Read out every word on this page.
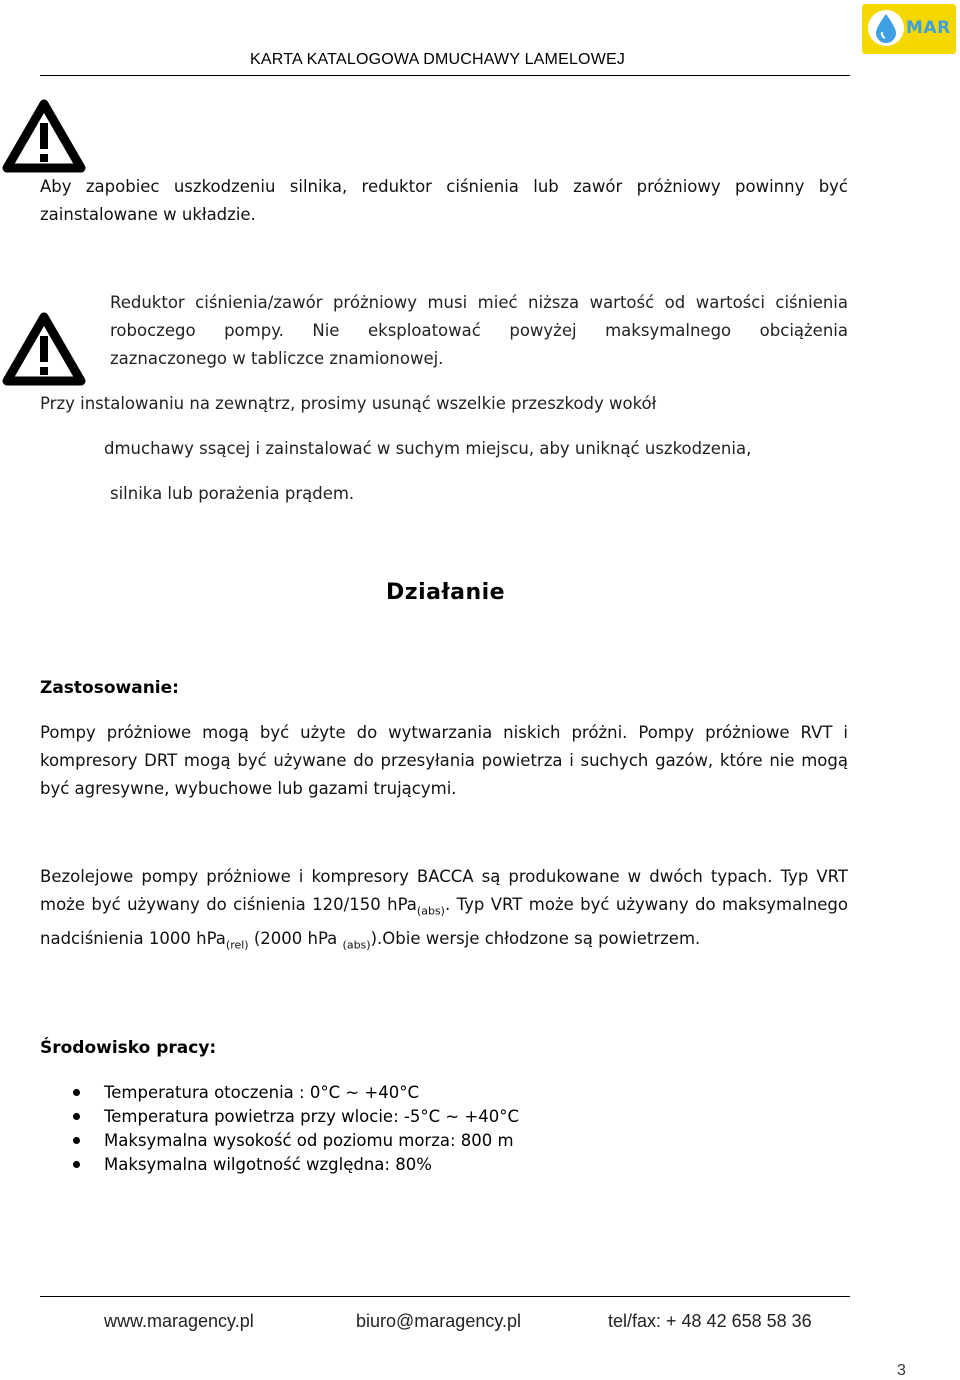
KARTA KATALOGOWA DMUCHAWY LAMELOWEJ
MAR
Aby zapobiec uszkodzeniu silnika, reduktor ciśnienia lub zawór próżniowy powinny być zainstalowane w układzie.
Reduktor ciśnienia/zawór próżniowy musi mieć niższa wartość od wartości ciśnienia
roboczego pompy. Nie eksploatować powyżej maksymalnego obciążenia
zaznaczonego w tabliczce znamionowej.
Przy instalowaniu na zewnątrz, prosimy usunąć wszelkie przeszkody wokół
dmuchawy ssącej i zainstalować w suchym miejscu, aby uniknąć uszkodzenia,
silnika lub porażenia prądem.
Działanie
Zastosowanie:
Pompy próżniowe mogą być użyte do wytwarzania niskich próżni. Pompy próżniowe RVT i kompresory DRT mogą być używane do przesyłania powietrza i suchych gazów, które nie mogą być agresywne, wybuchowe lub gazami trującymi.
Bezolejowe pompy próżniowe i kompresory BACCA są produkowane w dwóch typach. Typ VRT może być używany do ciśnienia 120/150 hPa$_{(abs)}$. Typ VRT może być używany do maksymalnego nadciśnienia 1000 hPa$_{(rel)}$ (2000 hPa $_{(abs)}$).Obie wersje chłodzone są powietrzem.
Środowisko pracy:
Temperatura otoczenia : 0°C ~ +40°C
Temperatura powietrza przy wlocie: -5°C ~ +40°C
Maksymalna wysokość od poziomu morza: 800 m
Maksymalna wilgotność względna: 80%
www.maragency.pl	biuro@maragency.pl	tel/fax: + 48 42 658 58 36
3
